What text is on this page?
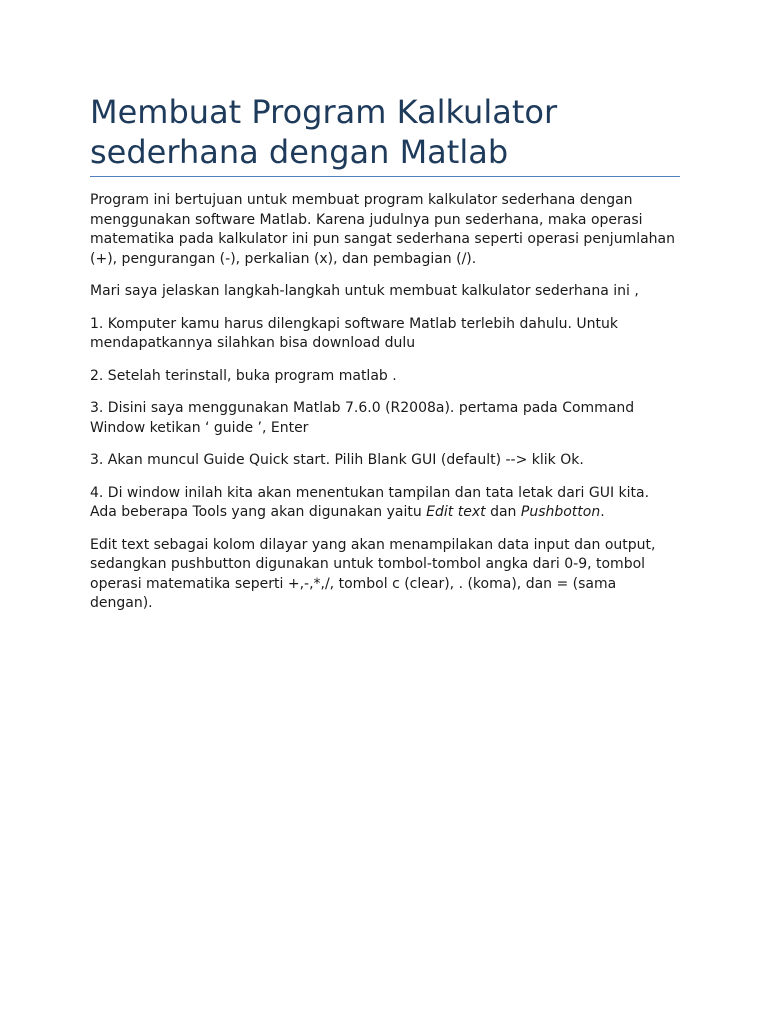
Membuat Program Kalkulator
sederhana dengan Matlab

Program ini bertujuan untuk membuat program kalkulator sederhana dengan menggunakan software Matlab. Karena judulnya pun sederhana, maka operasi matematika pada kalkulator ini pun sangat sederhana seperti operasi penjumlahan (+), pengurangan (-), perkalian (x), dan pembagian (/).

Mari saya jelaskan langkah-langkah untuk membuat kalkulator sederhana ini ,

1. Komputer kamu harus dilengkapi software Matlab terlebih dahulu. Untuk mendapatkannya silahkan bisa download dulu

2. Setelah terinstall, buka program matlab .

3. Disini saya menggunakan Matlab 7.6.0 (R2008a). pertama pada Command Window ketikan ‘ guide ’, Enter

3. Akan muncul Guide Quick start. Pilih Blank GUI (default) --> klik Ok.

4. Di window inilah kita akan menentukan tampilan dan tata letak dari GUI kita. Ada beberapa Tools yang akan digunakan yaitu Edit text dan Pushbotton.

Edit text sebagai kolom dilayar yang akan menampilakan data input dan output, sedangkan pushbutton digunakan untuk tombol-tombol angka dari 0-9, tombol operasi matematika seperti +,-,*,/, tombol c (clear), . (koma), dan = (sama dengan).
